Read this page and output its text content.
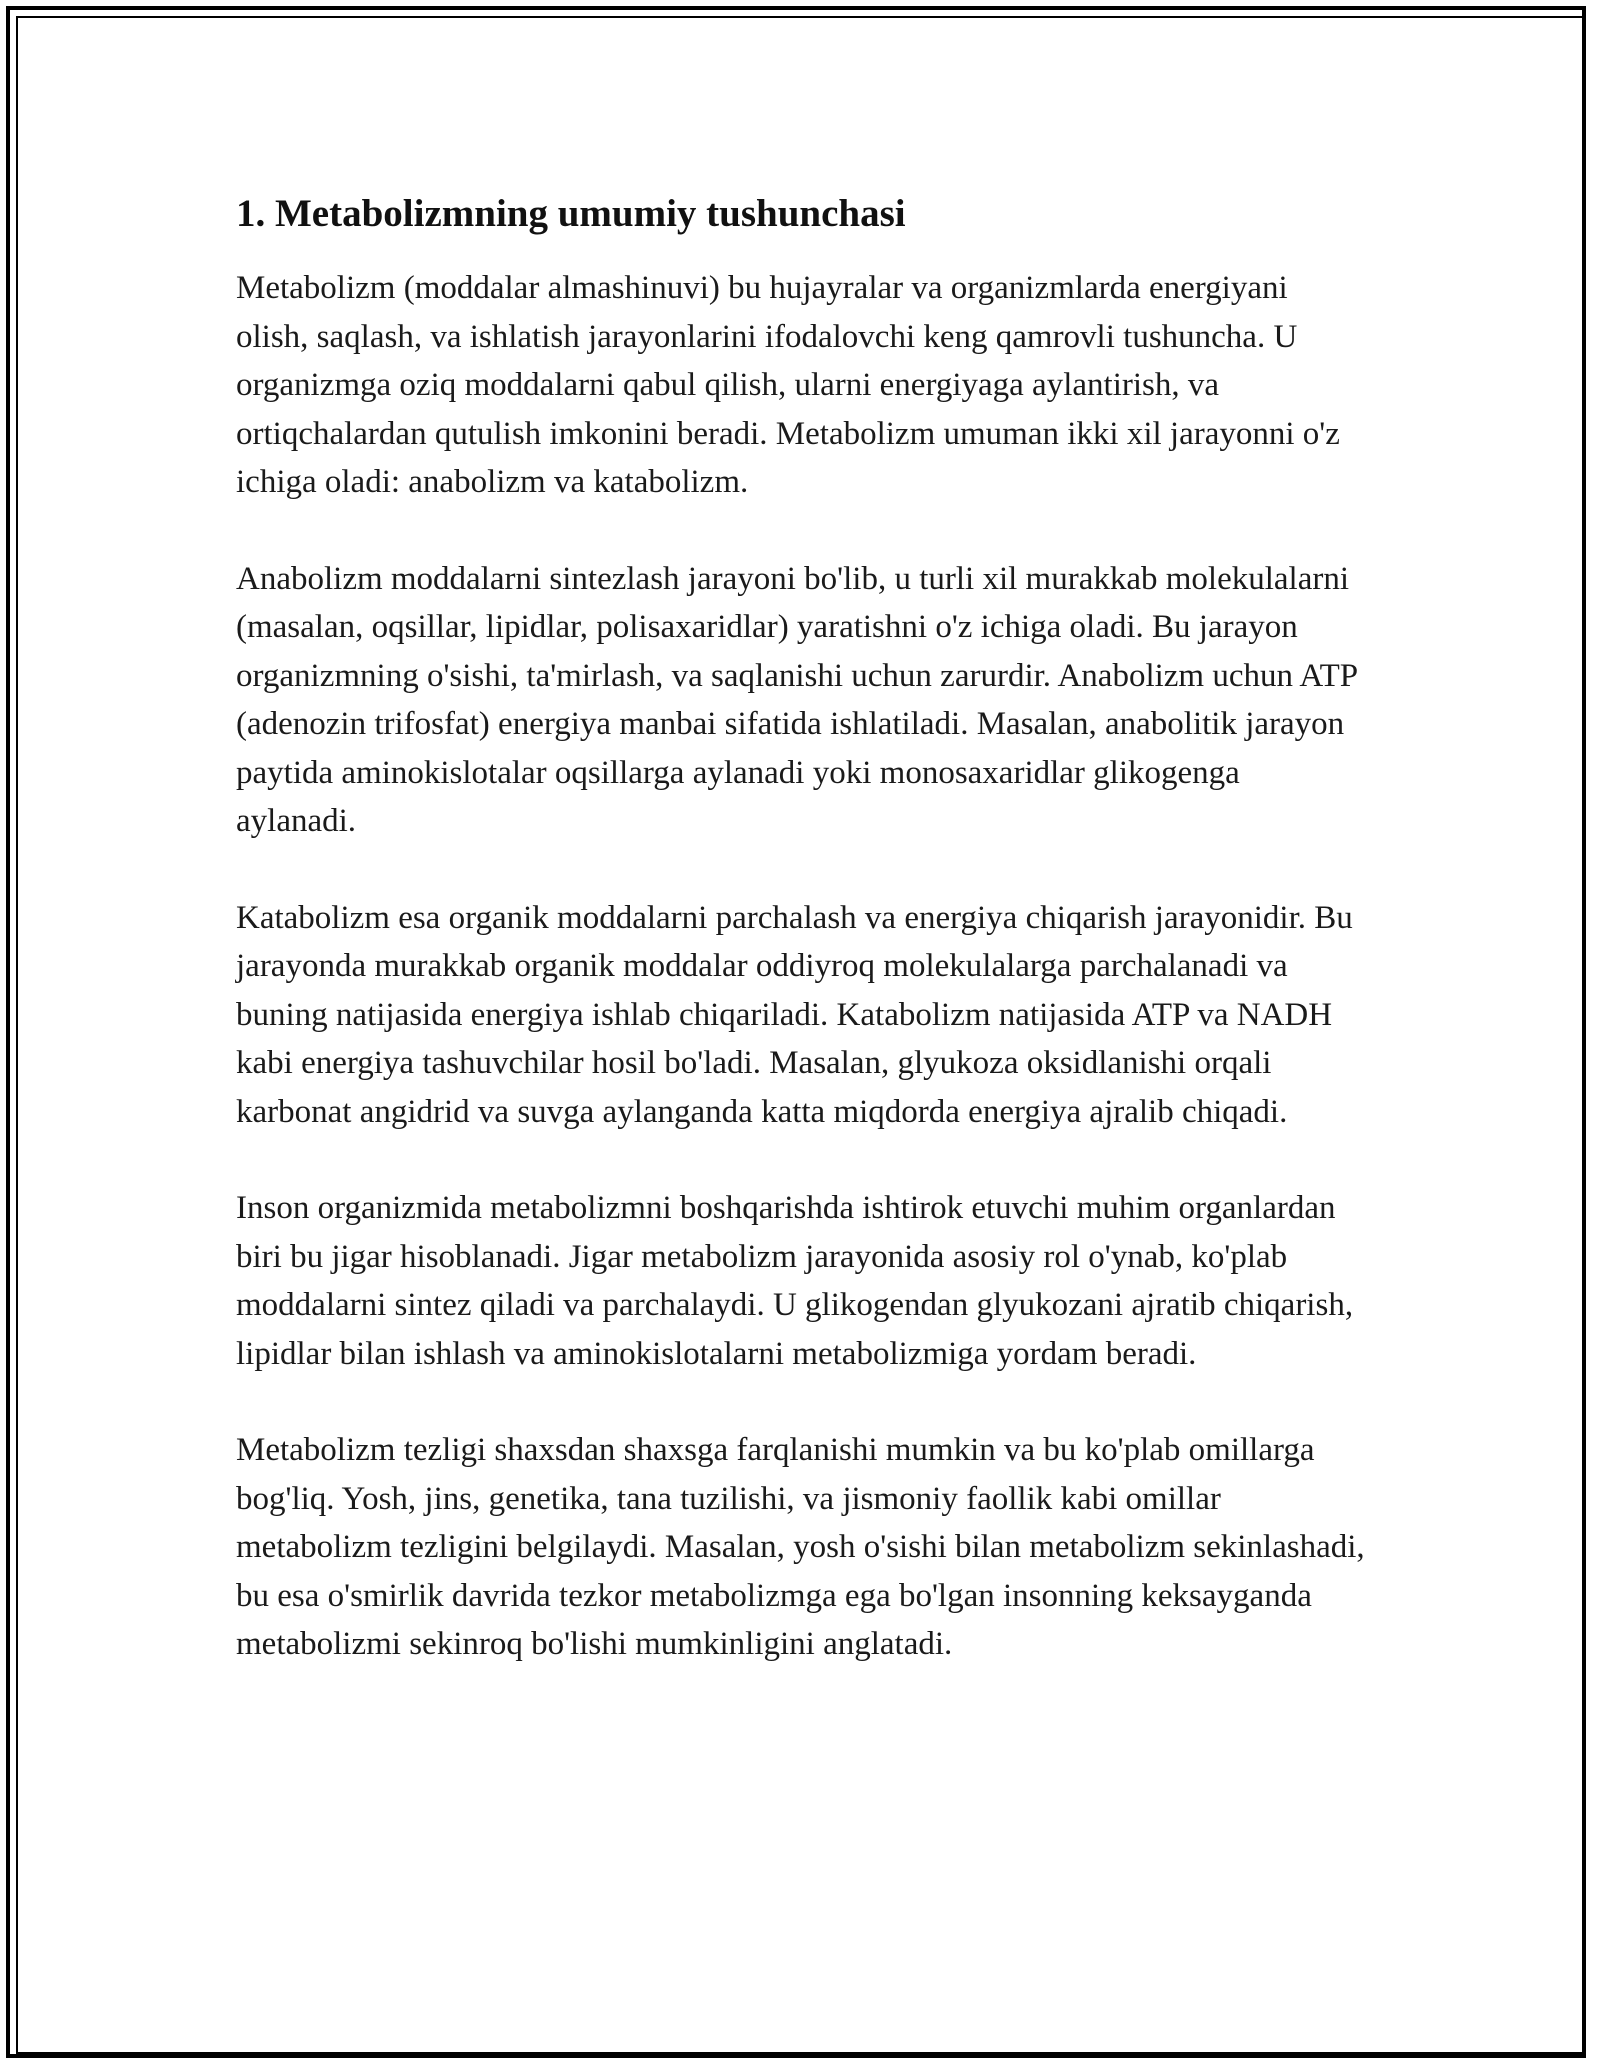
1. Metabolizmning umumiy tushunchasi

Metabolizm (moddalar almashinuvi) bu hujayralar va organizmlarda energiyani olish, saqlash, va ishlatish jarayonlarini ifodalovchi keng qamrovli tushuncha. U organizmga oziq moddalarni qabul qilish, ularni energiyaga aylantirish, va ortiqchalardan qutulish imkonini beradi. Metabolizm umuman ikki xil jarayonni o'z ichiga oladi: anabolizm va katabolizm.

Anabolizm moddalarni sintezlash jarayoni bo'lib, u turli xil murakkab molekulalarni (masalan, oqsillar, lipidlar, polisaxaridlar) yaratishni o'z ichiga oladi. Bu jarayon organizmning o'sishi, ta'mirlash, va saqlanishi uchun zarurdir. Anabolizm uchun ATP (adenozin trifosfat) energiya manbai sifatida ishlatiladi. Masalan, anabolitik jarayon paytida aminokislotalar oqsillarga aylanadi yoki monosaxaridlar glikogenga aylanadi.

Katabolizm esa organik moddalarni parchalash va energiya chiqarish jarayonidir. Bu jarayonda murakkab organik moddalar oddiyroq molekulalarga parchalanadi va buning natijasida energiya ishlab chiqariladi. Katabolizm natijasida ATP va NADH kabi energiya tashuvchilar hosil bo'ladi. Masalan, glyukoza oksidlanishi orqali karbonat angidrid va suvga aylanganda katta miqdorda energiya ajralib chiqadi.

Inson organizmida metabolizmni boshqarishda ishtirok etuvchi muhim organlardan biri bu jigar hisoblanadi. Jigar metabolizm jarayonida asosiy rol o'ynab, ko'plab moddalarni sintez qiladi va parchalaydi. U glikogendan glyukozani ajratib chiqarish, lipidlar bilan ishlash va aminokislotalarni metabolizmiga yordam beradi.

Metabolizm tezligi shaxsdan shaxsga farqlanishi mumkin va bu ko'plab omillarga bog'liq. Yosh, jins, genetika, tana tuzilishi, va jismoniy faollik kabi omillar metabolizm tezligini belgilaydi. Masalan, yosh o'sishi bilan metabolizm sekinlashadi, bu esa o'smirlik davrida tezkor metabolizmga ega bo'lgan insonning keksayganda metabolizmi sekinroq bo'lishi mumkinligini anglatadi.
